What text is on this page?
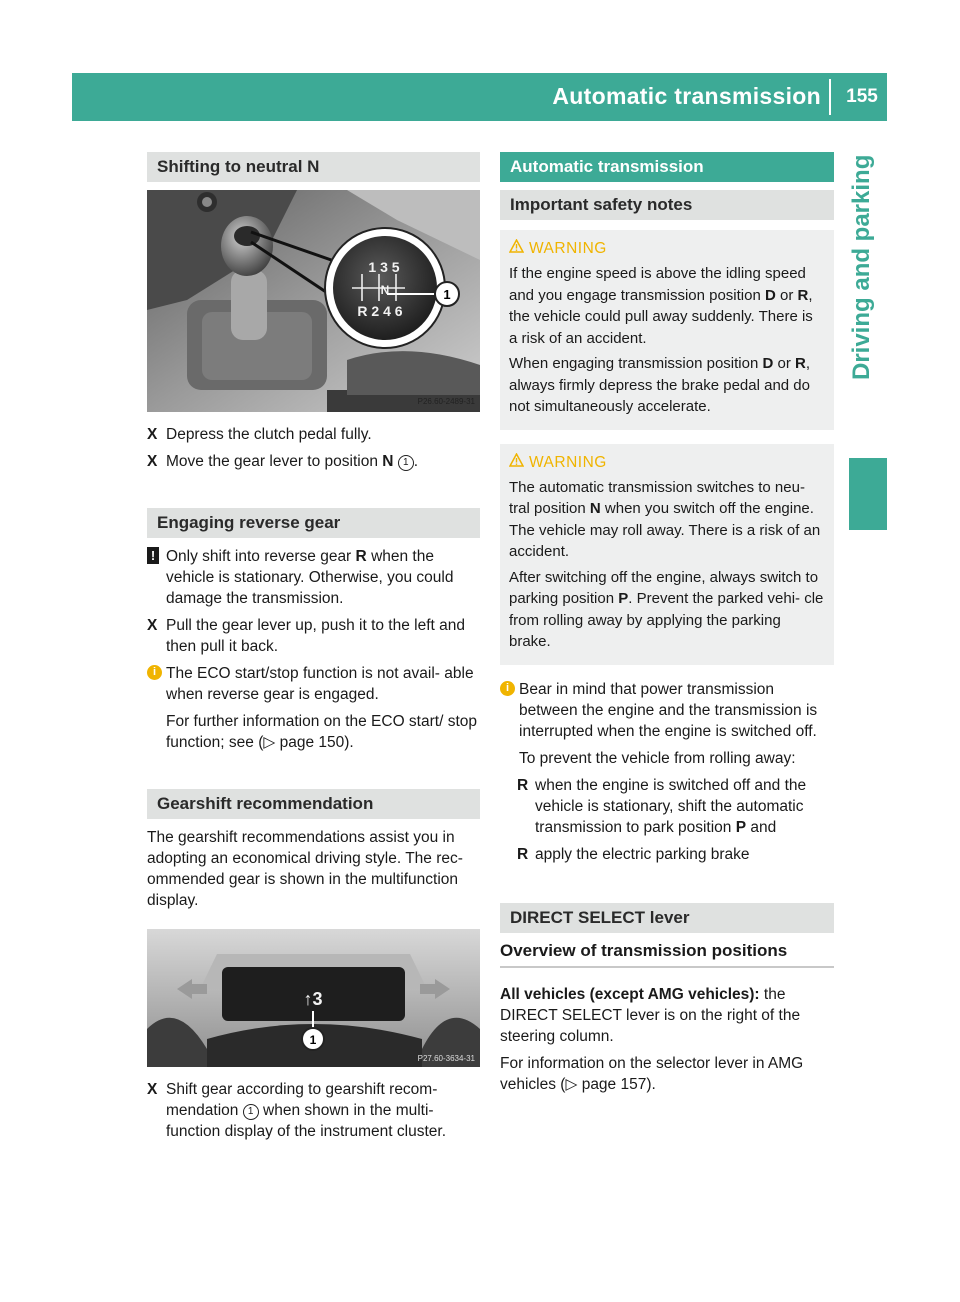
Automatic transmission	155
Driving and parking
Shifting to neutral N
1 3 5
N
R 2 4 6
1
P26.60-2489-31
X Depress the clutch pedal fully.
X Move the gear lever to position N 1 .
Engaging reverse gear
! Only shift into reverse gear R when the vehicle is stationary. Otherwise, you could damage the transmission.
X Pull the gear lever up, push it to the left and then pull it back.
i The ECO start/stop function is not avail- able when reverse gear is engaged.
For further information on the ECO start/ stop function; see (▷ page 150).
Gearshift recommendation
The gearshift recommendations assist you in adopting an economical driving style. The rec- ommended gear is shown in the multifunction display.
↑3
1
P27.60-3634-31
X Shift gear according to gearshift recom- mendation 1 when shown in the multi- function display of the instrument cluster.
Automatic transmission
Important safety notes
WARNING
If the engine speed is above the idling speed and you engage transmission position D or R, the vehicle could pull away suddenly. There is a risk of an accident.
When engaging transmission position D or R, always firmly depress the brake pedal and do not simultaneously accelerate.
WARNING
The automatic transmission switches to neu- tral position N when you switch off the engine. The vehicle may roll away. There is a risk of an accident.
After switching off the engine, always switch to parking position P. Prevent the parked vehi- cle from rolling away by applying the parking brake.
i Bear in mind that power transmission between the engine and the transmission is interrupted when the engine is switched off.
To prevent the vehicle from rolling away:
R when the engine is switched off and the vehicle is stationary, shift the automatic transmission to park position P and
R apply the electric parking brake
DIRECT SELECT lever
Overview of transmission positions
All vehicles (except AMG vehicles): the DIRECT SELECT lever is on the right of the steering column.
For information on the selector lever in AMG vehicles (▷ page 157).
